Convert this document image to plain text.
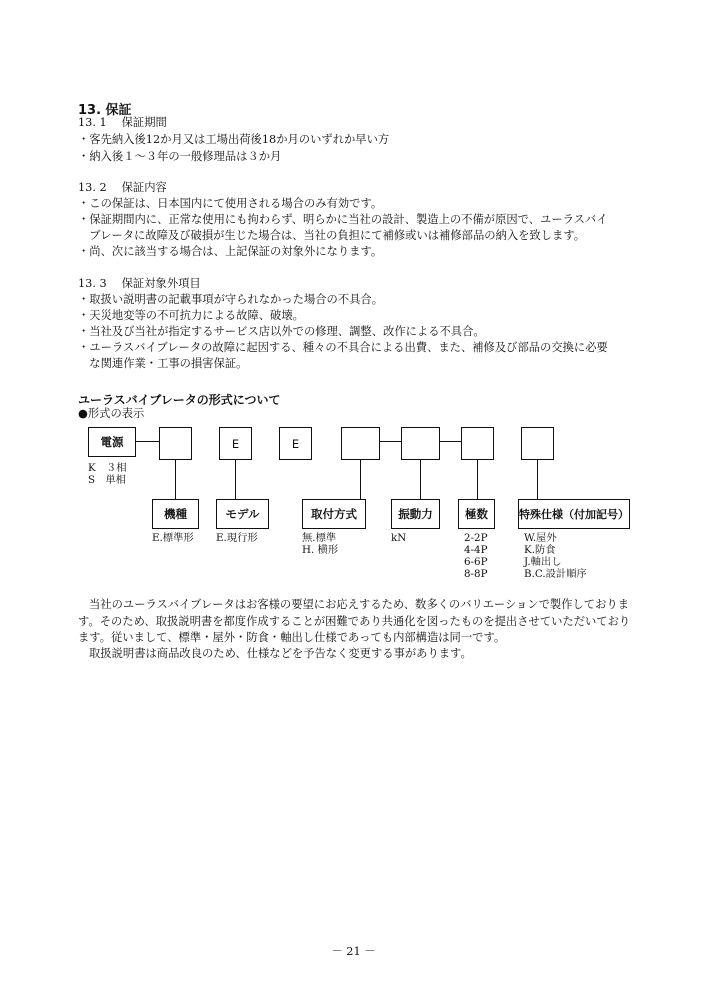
13. 保証
13. 1　 保証期間
・客先納入後12か月又は工場出荷後18か月のいずれか早い方
・納入後１～３年の一般修理品は３か月
13. 2　 保証内容
・この保証は、日本国内にて使用される場合のみ有効です。
・保証期間内に、正常な使用にも拘わらず、明らかに当社の設計、製造上の不備が原因で、ユーラスバイ
　ブレータに故障及び破損が生じた場合は、当社の負担にて補修或いは補修部品の納入を致します。
・尚、次に該当する場合は、上記保証の対象外になります。
13. 3　 保証対象外項目
・取扱い説明書の記載事項が守られなかった場合の不具合。
・天災地変等の不可抗力による故障、破壊。
・当社及び当社が指定するサービス店以外での修理、調整、改作による不具合。
・ユーラスバイブレータの故障に起因する、種々の不具合による出費、また、補修及び部品の交換に必要
　な関連作業・工事の損害保証。
ユーラスバイブレータの形式について
●形式の表示
電源	E	E
K　３相
S　単相
機種	モデル	取付方式	振動力	極数	特殊仕様（付加記号）
E.標準形 E.現行形	無.標準
H. 横形
kN	2-2P
4-4P
6-6P
8-8P
W.屋外
K.防食
J.軸出し
B.C.設計順序
当社のユーラスバイブレータはお客様の要望にお応えするため、数多くのバリエーションで製作しております。そのため、取扱説明書を都度作成することが困難であり共通化を図ったものを提出させていただいております。従いまして、標準・屋外・防食・軸出し仕様であっても内部構造は同一です。
取扱説明書は商品改良のため、仕様などを予告なく変更する事があります。
－ 21 －
